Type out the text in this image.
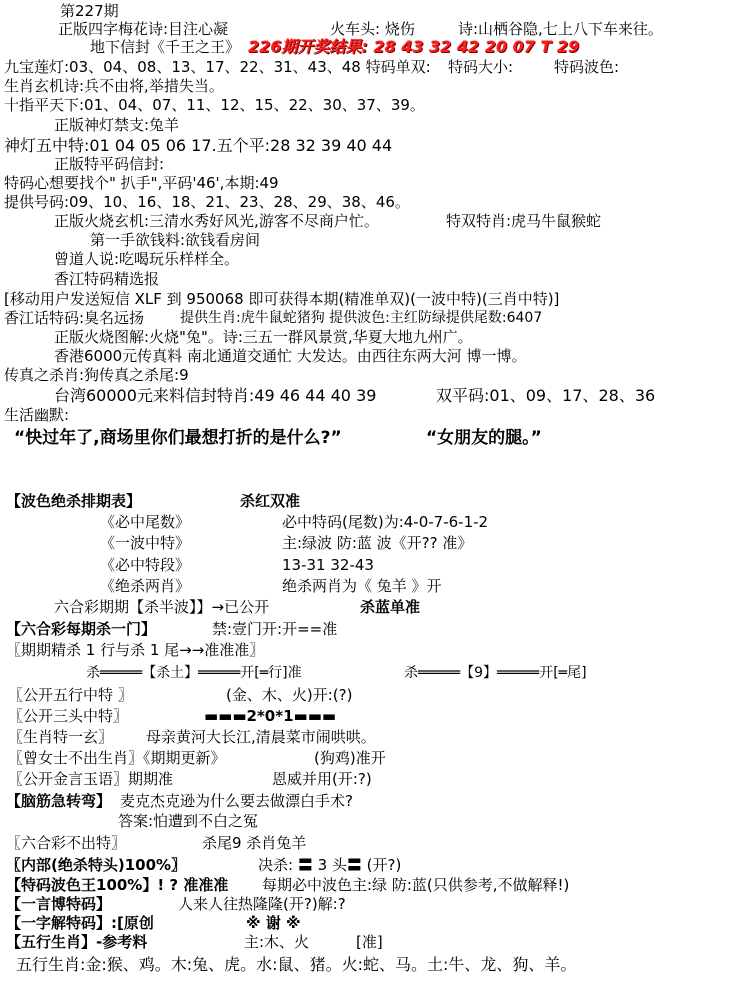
第227期
正版四字梅花诗:目注心凝	火车头: 烧伤	诗:山栖谷隐,七上八下车来往。
地下信封《千王之王》 226期开奖结果: 28 43 32 42 20 07 T 29
九宝莲灯:03、04、08、13、17、22、31、43、48 特码单双: 特码大小:	特码波色:
生肖玄机诗:兵不由将,举措失当。
十指平天下:01、04、07、11、12、15、22、30、37、39。
正版神灯禁支:兔羊
神灯五中特:01 04 05 06 17.五个平:28 32 39 40 44
正版特平码信封:
特码心想要找个" 扒手",平码'46',本期:49
提供号码:09、10、16、18、21、23、28、29、38、46。
正版火烧玄机:三清水秀好风光,游客不尽商户忙。	特双特肖:虎马牛鼠猴蛇
第一手欲钱料:欲钱看房间
曾道人说:吃喝玩乐样样全。
香江特码精选报
[移动用户发送短信 XLF 到 950068 即可获得本期(精准单双)(一波中特)(三肖中特)]
香江话特码:臭名远扬	提供生肖:虎牛鼠蛇猪狗 提供波色:主红防绿提供尾数:6407
正版火烧图解:火烧"兔"。诗:三五一群风景赏,华夏大地九州广。
香港6000元传真料 南北通道交通忙 大发达。由西往东两大河 博一博。
传真之杀肖:狗传真之杀尾:9
台湾60000元来料信封特肖:49 46 44 40 39	双平码:01、09、17、28、36
生活幽默:
“快过年了,商场里你们最想打折的是什么?”	“女朋友的腿。”
【波色绝杀排期表】	杀红双准
《必中尾数》	必中特码(尾数)为:4-0-7-6-1-2
《一波中特》	主:绿波 防:蓝 波《开?? 准》
《必中特段》	13-31 32-43
《绝杀两肖》	绝杀两肖为《 兔羊 》开
六合彩期期【杀半波】】→已公开	杀蓝单准
【六合彩每期杀一门】	禁:壹门开:开==准
〖期期精杀 1 行与杀 1 尾→→准准准〗
杀═════【杀土】═════开[═行]准	杀═════【9】═════开[═尾]
〖公开五行中特 〗	(金、木、火)开:(?)
〖公开三头中特〗	▬▬▬2*0*1▬▬▬
〖生肖特一玄〗 母亲黄河大长江,清晨菜市闹哄哄。
〖曾女士不出生肖〗《期期更新》	(狗鸡)准开
〖公开金言玉语〗期期准	恩威并用(开:?)
【脑筋急转弯】 麦克杰克逊为什么要去做漂白手术?
答案:怕遭到不白之冤
〖六合彩不出特〗	杀尾9 杀肖兔羊
〖内部(绝杀特头)100%〗	决杀: 〓 3 头〓 (开?)
【特码波色王100%】! ? 准准准 每期必中波色主:绿 防:蓝(只供参考,不做解释!)
【一言博特码】	人来人往热隆隆(开?)解:?
【一字解特码】:[原创	※ 谢 ※
【五行生肖】-参考料	主:木、火	[准]
五行生肖:金:猴、鸡。木:兔、虎。水:鼠、猪。火:蛇、马。土:牛、龙、狗、羊。
